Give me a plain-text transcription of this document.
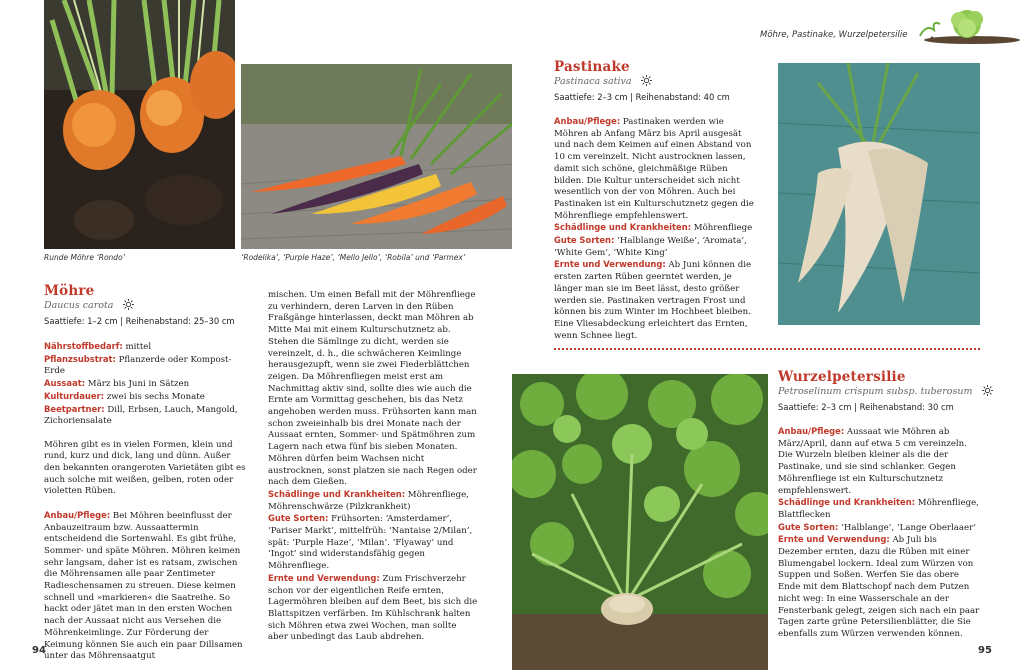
Runde Möhre ‘Rondo’	‘Rodelika’, ‘Purple Haze’, ‘Mello Jello’, ‘Robila’ und ‘Parmex’
Möhre
Daucus carota
Saattiefe: 1–2 cm | Reihenabstand: 25–30 cm

Nährstoffbedarf: mittel

Pflanzsubstrat: Pflanzerde oder Kompost-Erde

Aussaat: März bis Juni in Sätzen

Kulturdauer: zwei bis sechs Monate

Beetpartner: Dill, Erbsen, Lauch, Mangold, Zichoriensalate

Möhren gibt es in vielen Formen, klein und rund, kurz und dick, lang und dünn. Außer den bekannten orangeroten Varietäten gibt es auch solche mit weißen, gelben, roten oder violetten Rüben.

Anbau/Pflege: Bei Möhren beeinflusst der Anbauzeitraum bzw. Aussaattermin entscheidend die Sortenwahl. Es gibt frühe, Sommer- und späte Möhren. Möhren keimen sehr langsam, daher ist es ratsam, zwischen die Möhrensamen alle paar Zentimeter Radieschensamen zu streuen. Diese keimen schnell und »markieren« die Saatreihe. So hackt oder jätet man in den ersten Wochen nach der Aussaat nicht aus Versehen die Möhrenkeimlinge. Zur Förderung der Keimung können Sie auch ein paar Dillsamen unter das Möhrensaatgut

mischen. Um einen Befall mit der Möhrenfliege zu verhindern, deren Larven in den Rüben Fraßgänge hinterlassen, deckt man Möhren ab Mitte Mai mit einem Kulturschutznetz ab. Stehen die Sämlinge zu dicht, werden sie vereinzelt, d. h., die schwächeren Keimlinge herausgezupft, wenn sie zwei Fiederblättchen zeigen. Da Möhrenfliegen meist erst am Nachmittag aktiv sind, sollte dies wie auch die Ernte am Vormittag geschehen, bis das Netz angehoben werden muss. Frühsorten kann man schon zweieinhalb bis drei Monate nach der Aussaat ernten, Sommer- und Spätmöhren zum Lagern nach etwa fünf bis sieben Monaten. Möhren dürfen beim Wachsen nicht austrocknen, sonst platzen sie nach Regen oder nach dem Gießen.

Schädlinge und Krankheiten: Möhrenfliege, Möhrenschwärze (Pilzkrankheit)

Gute Sorten: Frühsorten: ‘Amsterdamer’, ‘Pariser Markt’, mittelfrüh: ‘Nantaise 2/Milan’, spät: ‘Purple Haze’, ‘Milan’. ‘Flyaway’ und ‘Ingot’ sind widerstandsfähig gegen Möhrenfliege.

Ernte und Verwendung: Zum Frischverzehr schon vor der eigentlichen Reife ernten, Lagermöhren bleiben auf dem Beet, bis sich die Blattspitzen verfärben. Im Kühlschrank halten sich Möhren etwa zwei Wochen, man sollte aber unbedingt das Laub abdrehen.

94
Möhre, Pastinake, Wurzelpetersilie
Pastinake
Pastinaca sativa
Saattiefe: 2–3 cm | Reihenabstand: 40 cm

Anbau/Pflege: Pastinaken werden wie Möhren ab Anfang März bis April ausgesät und nach dem Keimen auf einen Abstand von 10 cm vereinzelt. Nicht austrocknen lassen, damit sich schöne, gleichmäßige Rüben bilden. Die Kultur unterscheidet sich nicht wesentlich von der von Möhren. Auch bei Pastinaken ist ein Kulturschutznetz gegen die Möhrenfliege empfehlenswert.

Schädlinge und Krankheiten: Möhrenfliege

Gute Sorten: ‘Halblange Weiße’, ‘Aromata’, ‘White Gem’, ‘White King’

Ernte und Verwendung: Ab Juni können die ersten zarten Rüben geerntet werden, je länger man sie im Beet lässt, desto größer werden sie. Pastinaken vertragen Frost und können bis zum Winter im Hochbeet bleiben. Eine Vliesabdeckung erleichtert das Ernten, wenn Schnee liegt.

Wurzelpetersilie
Petroselinum crispum subsp. tuberosum
Saattiefe: 2–3 cm | Reihenabstand: 30 cm

Anbau/Pflege: Aussaat wie Möhren ab März/April, dann auf etwa 5 cm vereinzeln. Die Wurzeln bleiben kleiner als die der Pastinake, und sie sind schlanker. Gegen Möhrenfliege ist ein Kulturschutznetz empfehlenswert.

Schädlinge und Krankheiten: Möhrenfliege, Blattflecken

Gute Sorten: ‘Halblange’, ‘Lange Oberlaaer’

Ernte und Verwendung: Ab Juli bis Dezember ernten, dazu die Rüben mit einer Blumengabel lockern. Ideal zum Würzen von Suppen und Soßen. Werfen Sie das obere Ende mit dem Blattschopf nach dem Putzen nicht weg: In eine Wasserschale an der Fensterbank gelegt, zeigen sich nach ein paar Tagen zarte grüne Petersilienblätter, die Sie ebenfalls zum Würzen verwenden können.

95
